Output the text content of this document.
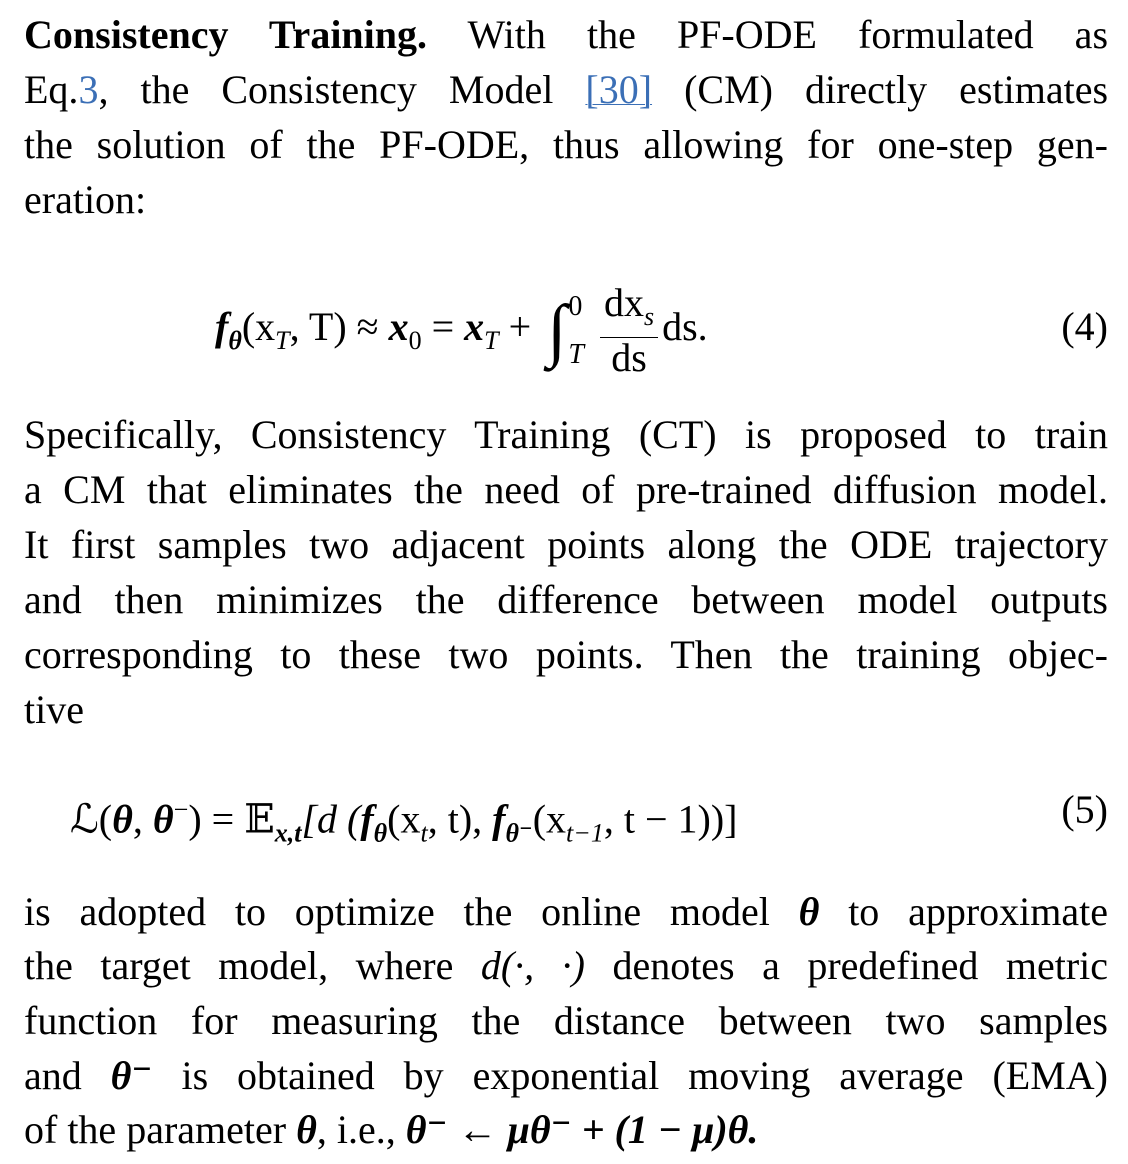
Consistency Training. With the PF-ODE formulated as
Eq.3, the Consistency Model [30] (CM) directly estimates
the solution of the PF-ODE, thus allowing for one-step gen-
eration:
$f_\theta(x_T$, $T) \approx x_0 = x_T$ + ∫ 0
T $\frac{dx_s}{ds}$ ds.	(4)
Specifically, Consistency Training (CT) is proposed to train
a CM that eliminates the need of pre-trained diffusion model.
It first samples two adjacent points along the ODE trajectory
and then minimizes the difference between model outputs
corresponding to these two points. Then the training objec-
tive
ℒ(θ, θ−) = 𝔼$_{x,t}$[d ($f_\theta(x_t$, t), $f_{\theta^-}(x_{t-1}$, t − 1))]	(5)
is adopted to optimize the online model θ to approximate
the target model, where d(·, ·) denotes a predefined metric
function for measuring the distance between two samples
and θ⁻ is obtained by exponential moving average (EMA)
of the parameter θ, i.e., θ⁻ ← μθ⁻ + (1 − μ)θ.
